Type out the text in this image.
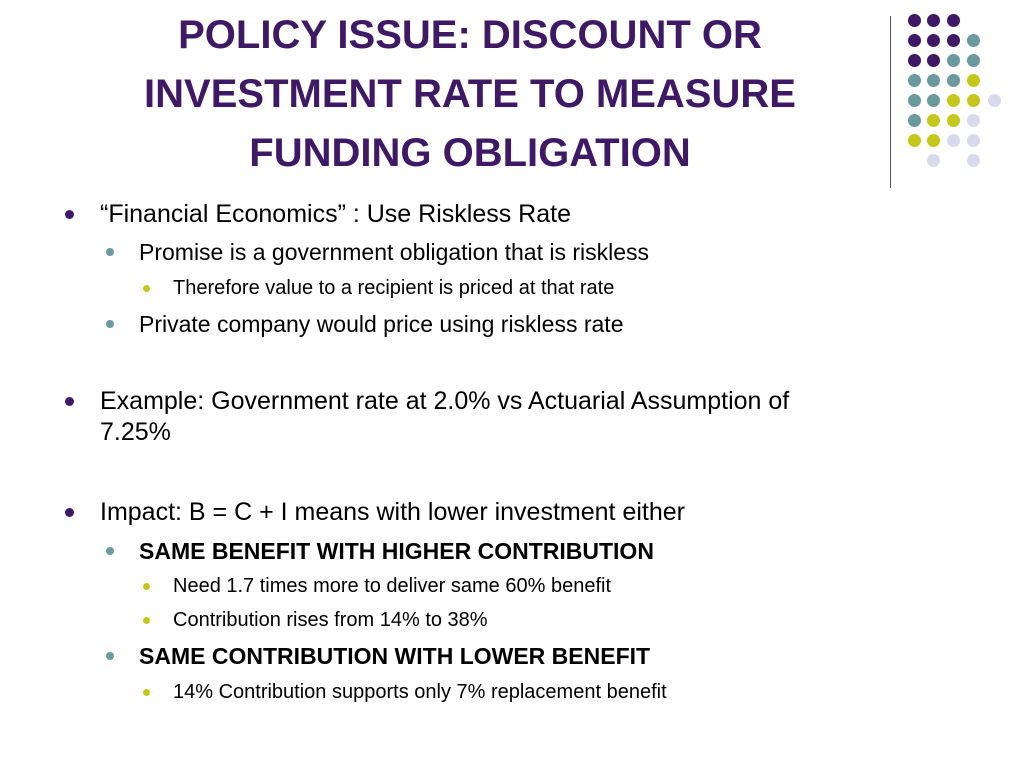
POLICY ISSUE: DISCOUNT OR
INVESTMENT RATE TO MEASURE
FUNDING OBLIGATION
“Financial Economics” : Use Riskless Rate
Promise is a government obligation that is riskless
Therefore value to a recipient is priced at that rate
Private company would price using riskless rate
Example: Government rate at 2.0% vs Actuarial Assumption of
7.25%
Impact: B = C + I means with lower investment either
SAME BENEFIT WITH HIGHER CONTRIBUTION
Need 1.7 times more to deliver same 60% benefit
Contribution rises from 14% to 38%
SAME CONTRIBUTION WITH LOWER BENEFIT
14% Contribution supports only 7% replacement benefit
